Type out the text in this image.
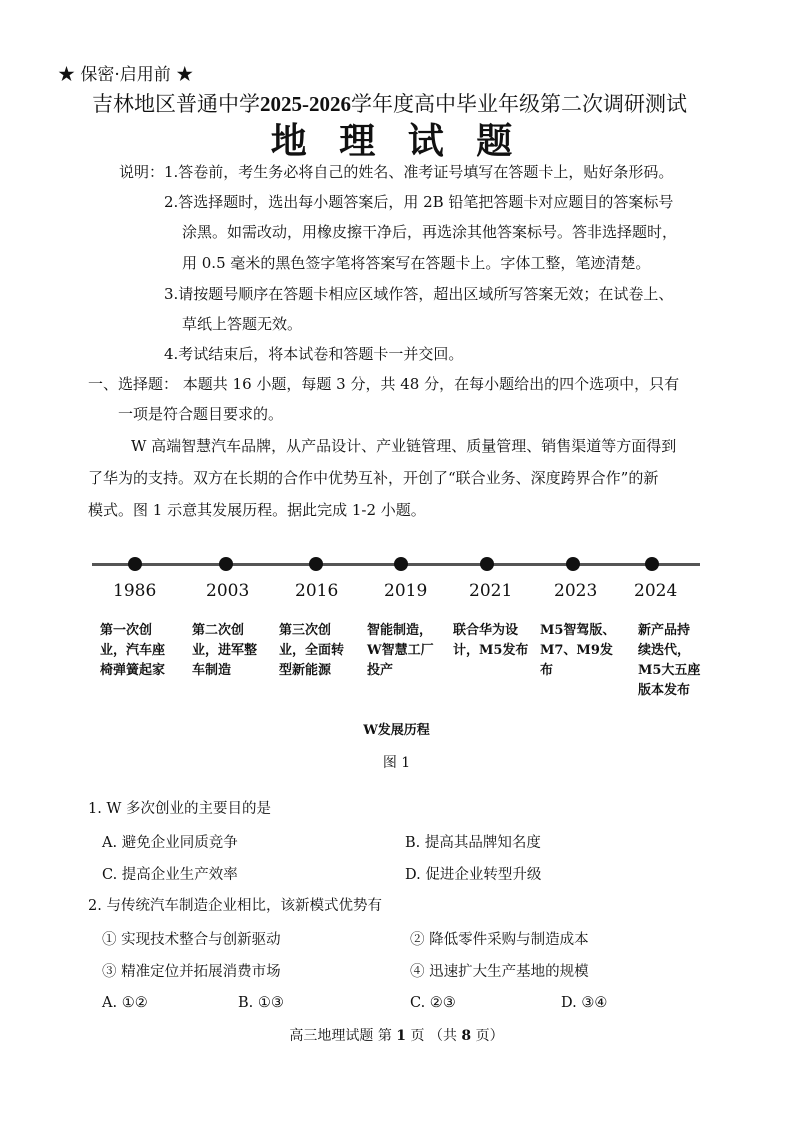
★ 保密·启用前 ★
吉林地区普通中学2025-2026学年度高中毕业年级第二次调研测试
地 理 试 题
说明：1.答卷前，考生务必将自己的姓名、准考证号填写在答题卡上，贴好条形码。
2.答选择题时，选出每小题答案后，用 2B 铅笔把答题卡对应题目的答案标号
涂黑。如需改动，用橡皮擦干净后，再选涂其他答案标号。答非选择题时，
用 0.5 毫米的黑色签字笔将答案写在答题卡上。字体工整，笔迹清楚。
3.请按题号顺序在答题卡相应区域作答，超出区域所写答案无效；在试卷上、
草纸上答题无效。
4.考试结束后，将本试卷和答题卡一并交回。
一、选择题： 本题共 16 小题，每题 3 分，共 48 分，在每小题给出的四个选项中，只有
一项是符合题目要求的。
W 高端智慧汽车品牌，从产品设计、产业链管理、质量管理、销售渠道等方面得到
了华为的支持。双方在长期的合作中优势互补，开创了“联合业务、深度跨界合作”的新
模式。图 1 示意其发展历程。据此完成 1-2 小题。
1986
第一次创业，汽车座椅弹簧起家
2003
第二次创业，进军整车制造
2016
第三次创业，全面转型新能源
2019
智能制造，W智慧工厂投产
2021
联合华为设计，M5发布
2023
M5智驾版、M7、M9发布
2024
新产品持续迭代，M5大五座版本发布
W发展历程
图 1
1. W 多次创业的主要目的是
A. 避免企业同质竞争	B. 提高其品牌知名度
C. 提高企业生产效率	D. 促进企业转型升级
2. 与传统汽车制造企业相比，该新模式优势有
① 实现技术整合与创新驱动	② 降低零件采购与制造成本
③ 精准定位并拓展消费市场	④ 迅速扩大生产基地的规模
A. ①②	B. ①③	C. ②③	D. ③④
高三地理试题 第 1 页 （共 8 页）
